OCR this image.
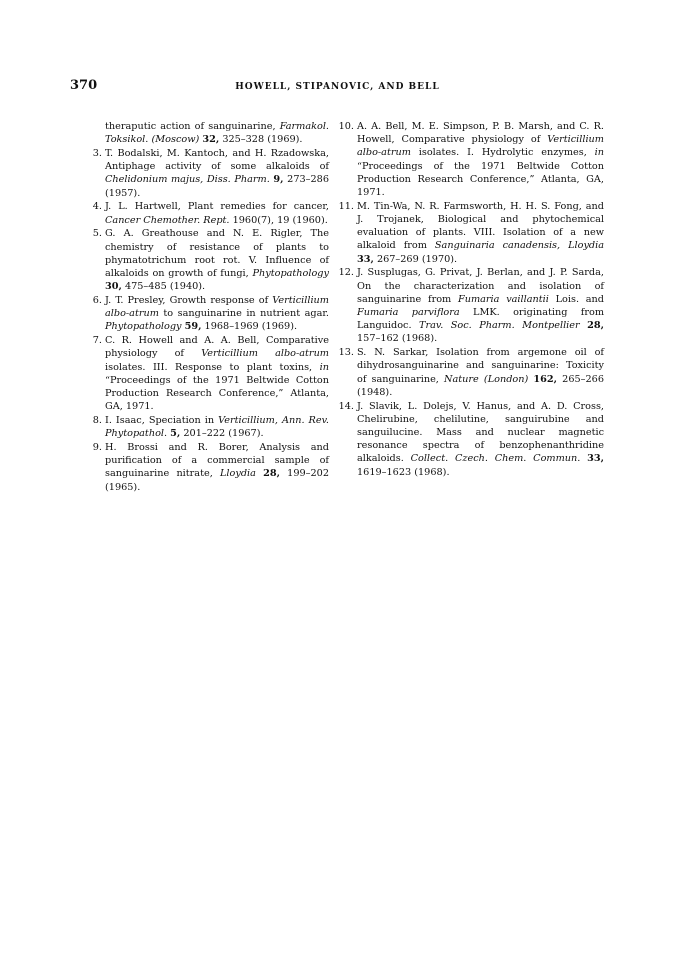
370	HOWELL, STIPANOVIC, AND BELL
theraputic action of sanguinarine, Farmakol. Toksikol. (Moscow) 32, 325–328 (1969).
3. T. Bodalski, M. Kantoch, and H. Rzadowska, Antiphage activity of some alkaloids of Chelidonium majus, Diss. Pharm. 9, 273–286 (1957).
4. J. L. Hartwell, Plant remedies for cancer, Cancer Chemother. Rept. 1960(7), 19 (1960).
5. G. A. Greathouse and N. E. Rigler, The chemistry of resistance of plants to phymatotrichum root rot. V. Influence of alkaloids on growth of fungi, Phytopathology 30, 475–485 (1940).
6. J. T. Presley, Growth response of Verticillium albo-atrum to sanguinarine in nutrient agar. Phytopathology 59, 1968–1969 (1969).
7. C. R. Howell and A. A. Bell, Comparative physiology of Verticillium albo-atrum isolates. III. Response to plant toxins, in “Proceedings of the 1971 Beltwide Cotton Production Research Conference,” Atlanta, GA, 1971.
8. I. Isaac, Speciation in Verticillium, Ann. Rev. Phytopathol. 5, 201–222 (1967).
9. H. Brossi and R. Borer, Analysis and purification of a commercial sample of sanguinarine nitrate, Lloydia 28, 199–202 (1965).
10. A. A. Bell, M. E. Simpson, P. B. Marsh, and C. R. Howell, Comparative physiology of Verticillium albo-atrum isolates. I. Hydrolytic enzymes, in “Proceedings of the 1971 Beltwide Cotton Production Research Conference,” Atlanta, GA, 1971.
11. M. Tin-Wa, N. R. Farmsworth, H. H. S. Fong, and J. Trojanek, Biological and phytochemical evaluation of plants. VIII. Isolation of a new alkaloid from Sanguinaria canadensis, Lloydia 33, 267–269 (1970).
12. J. Susplugas, G. Privat, J. Berlan, and J. P. Sarda, On the characterization and isolation of sanguinarine from Fumaria vaillantii Lois. and Fumaria parviflora LMK. originating from Languidoc. Trav. Soc. Pharm. Montpellier 28, 157–162 (1968).
13. S. N. Sarkar, Isolation from argemone oil of dihydrosanguinarine and sanguinarine: Toxicity of sanguinarine, Nature (London) 162, 265–266 (1948).
14. J. Slavik, L. Dolejs, V. Hanus, and A. D. Cross, Chelirubine, chelilutine, sanguirubine and sanguilucine. Mass and nuclear magnetic resonance spectra of benzophenanthridine alkaloids. Collect. Czech. Chem. Commun. 33, 1619–1623 (1968).
